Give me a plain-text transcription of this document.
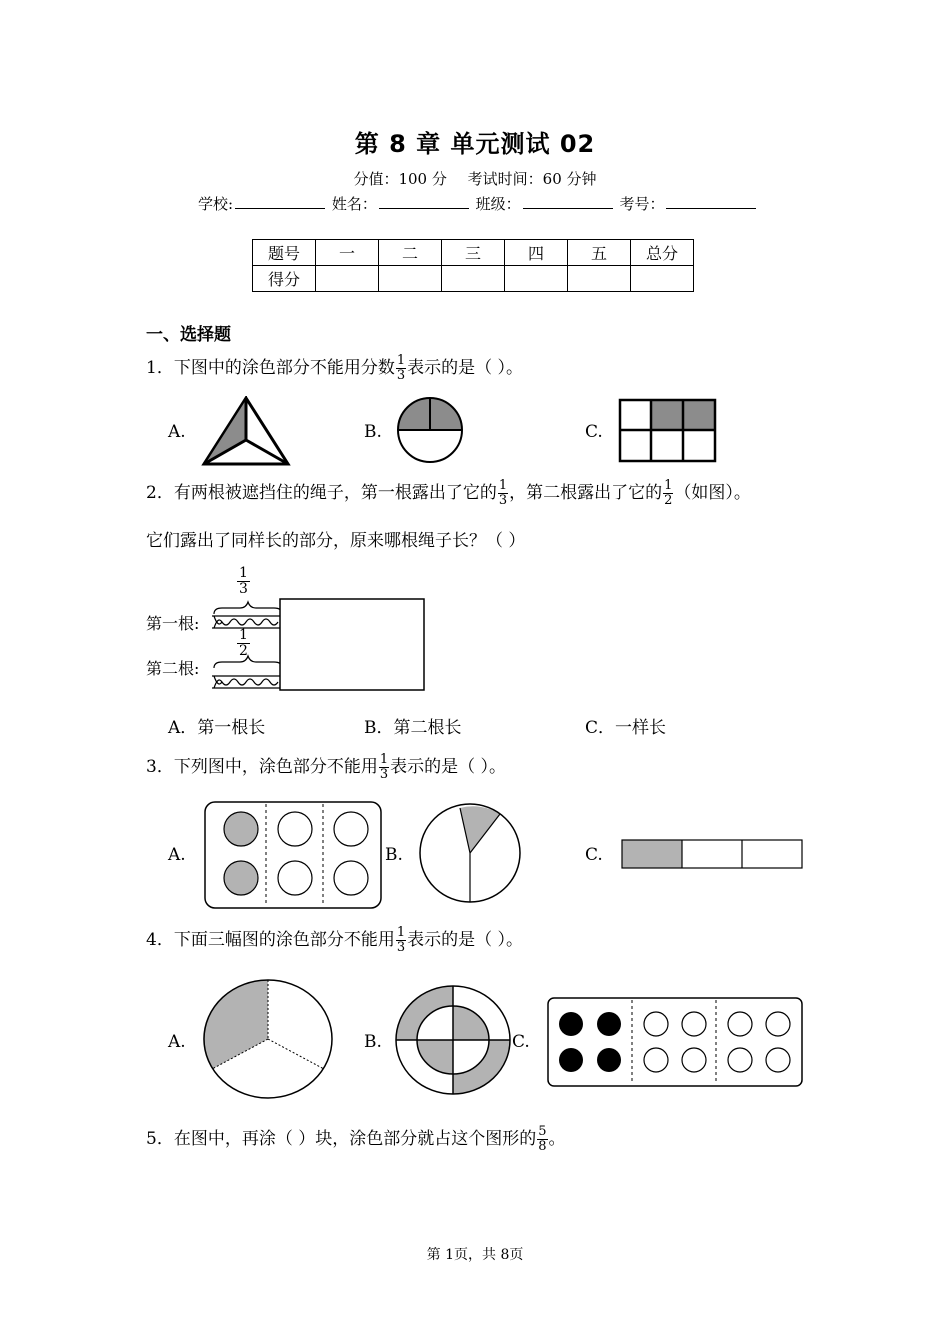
第 8 章 单元测试 02
分值：100 分 考试时间：60 分钟
学校:	姓名：	班级：	考号：
题号	一	二	三	四	五	总分
得分						
一、选择题
1．下图中的涂色部分不能用分数 $\frac{1}{3}$ 表示的是（ ）。
A.	B.	C.
2．有两根被遮挡住的绳子，第一根露出了它的 $\frac{1}{3}$ ，第二根露出了它的 $\frac{1}{2}$ （如图）。
它们露出了同样长的部分，原来哪根绳子长？（ ）
1
3
1
2
第一根:
第二根:
A．第一根长	B．第二根长	C．一样长
3．下列图中，涂色部分不能用 $\frac{1}{3}$ 表示的是（ ）。
A.	B.	C.
4．下面三幅图的涂色部分不能用 $\frac{1}{3}$ 表示的是（ ）。
A.	B.	C.
5．在图中，再涂（ ）块，涂色部分就占这个图形的 $\frac{5}{8}$ 。
第 1页，共 8页
